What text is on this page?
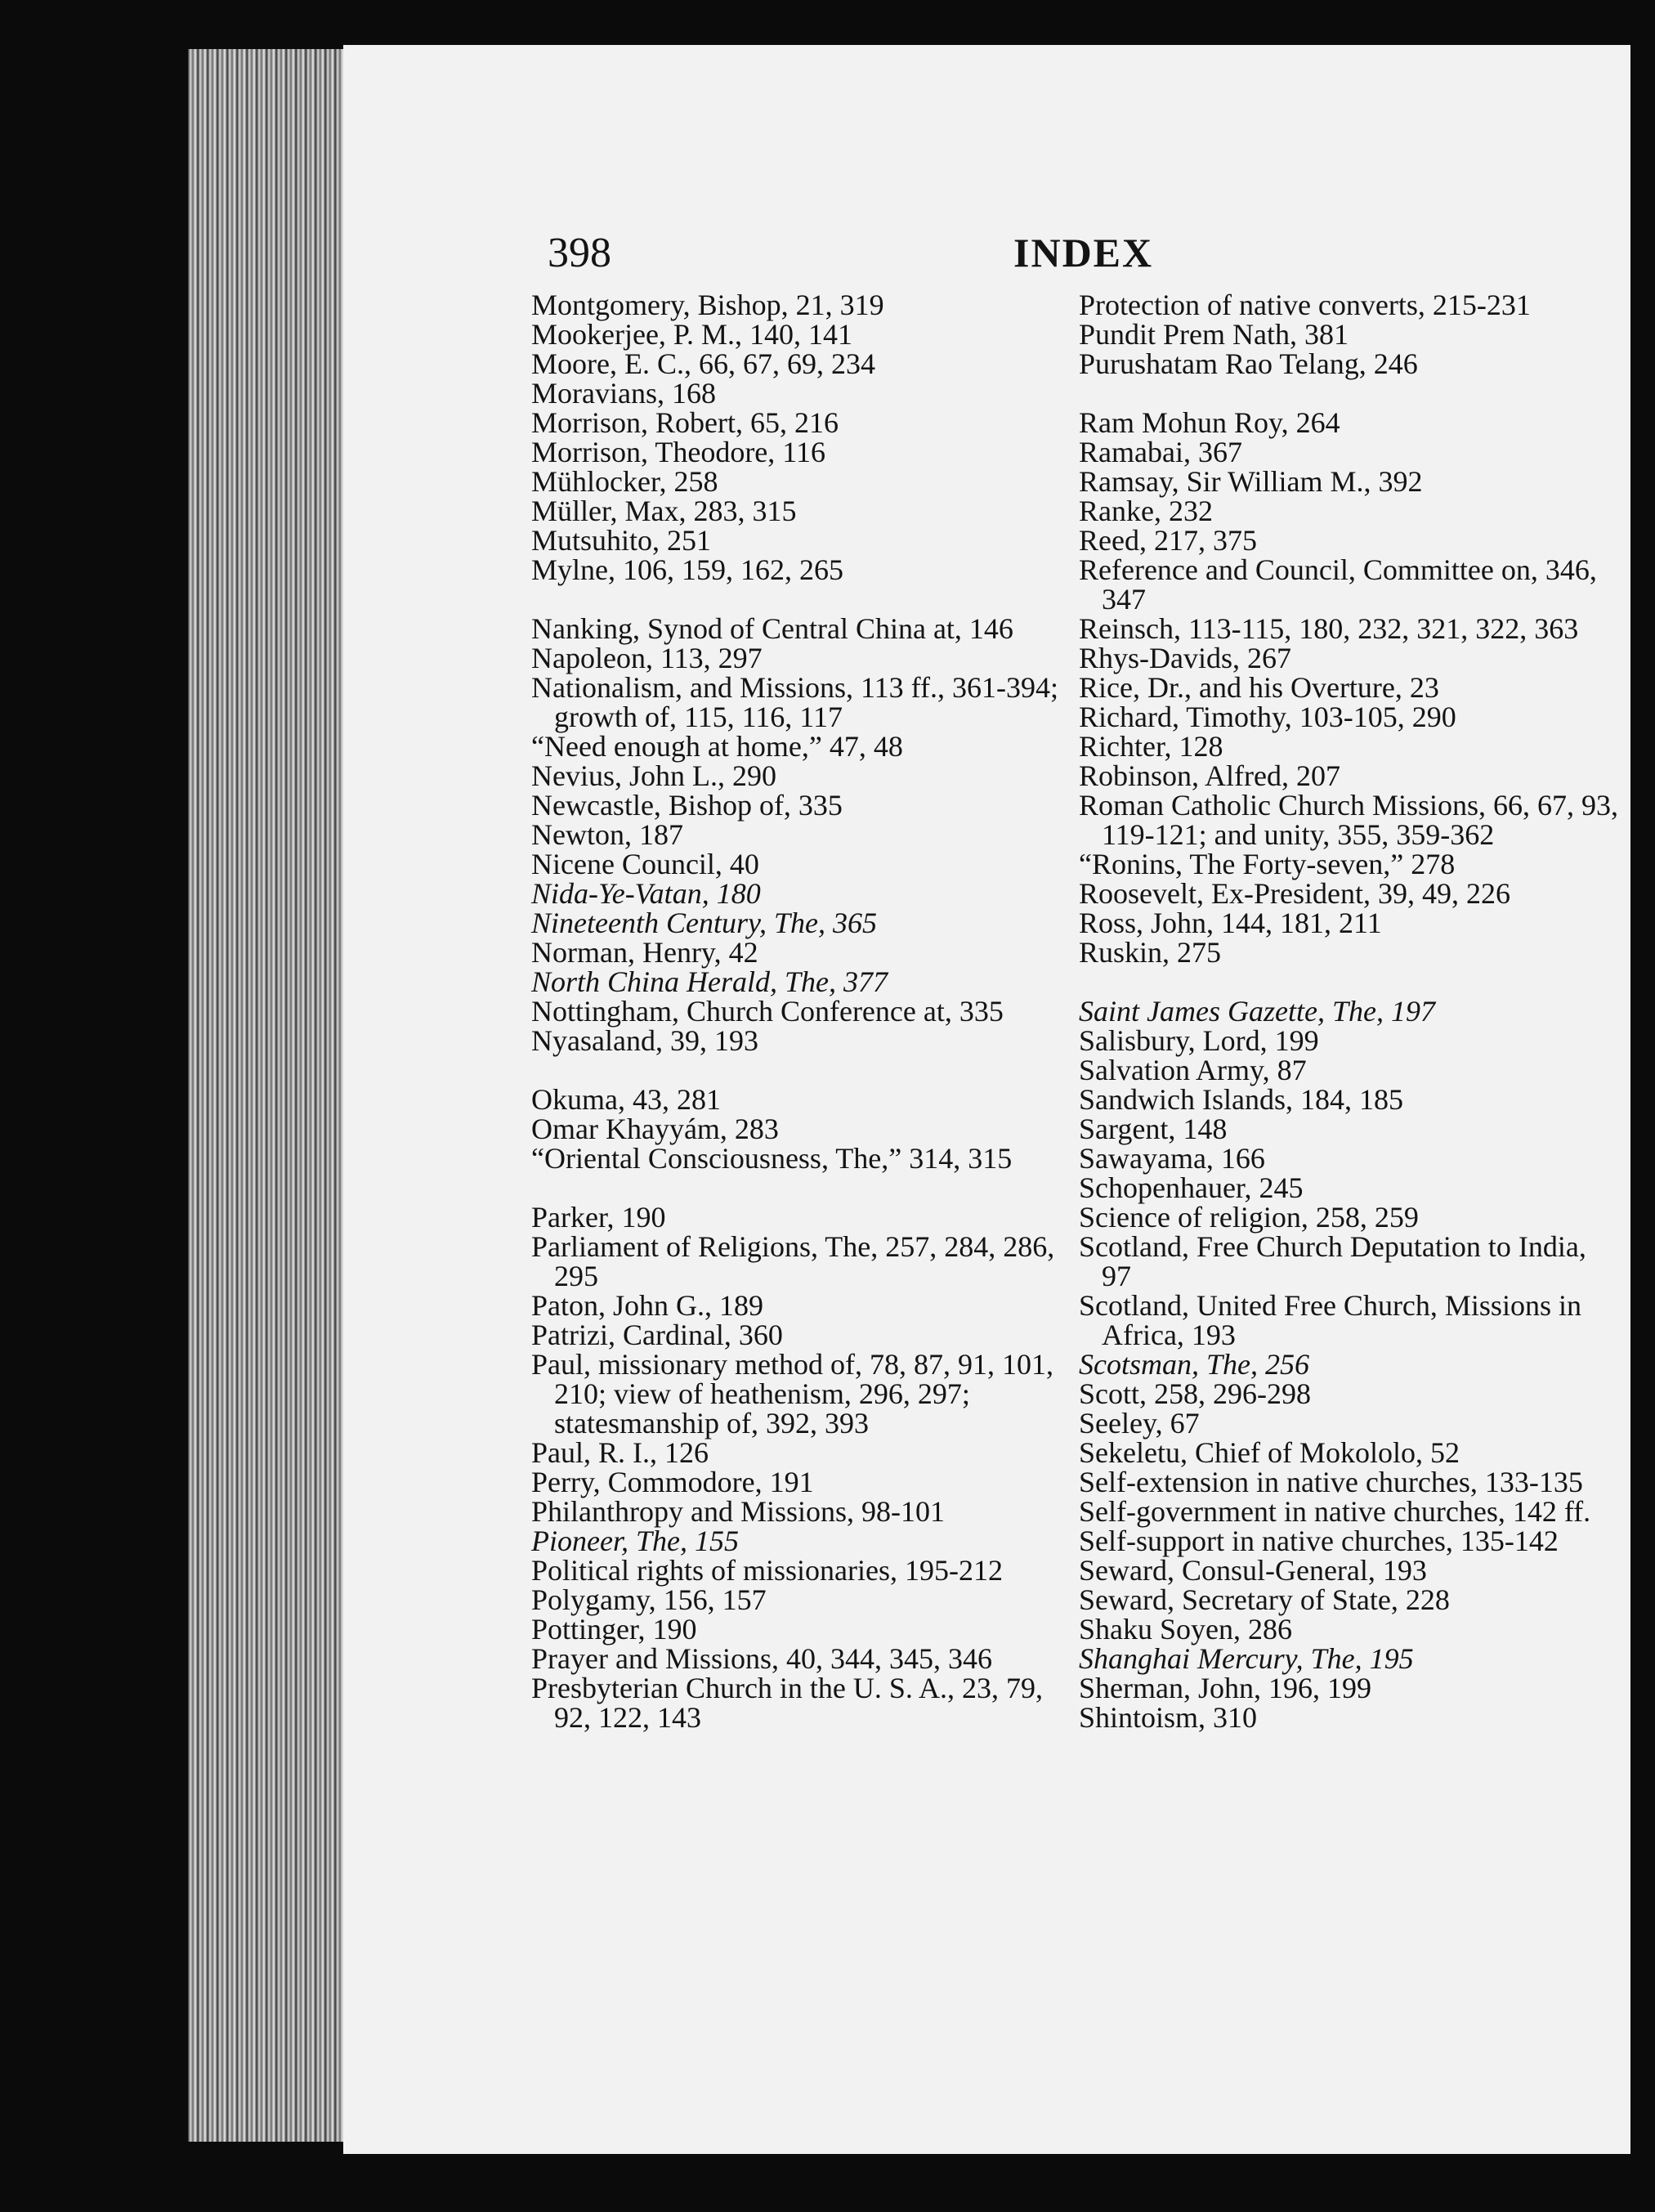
398	INDEX

Montgomery, Bishop, 21, 319

Mookerjee, P. M., 140, 141

Moore, E. C., 66, 67, 69, 234

Moravians, 168

Morrison, Robert, 65, 216

Morrison, Theodore, 116

Mühlocker, 258

Müller, Max, 283, 315

Mutsuhito, 251

Mylne, 106, 159, 162, 265

Nanking, Synod of Central China at, 146

Napoleon, 113, 297

Nationalism, and Missions, 113 ff., 361-394; growth of, 115, 116, 117

“Need enough at home,” 47, 48

Nevius, John L., 290

Newcastle, Bishop of, 335

Newton, 187

Nicene Council, 40

Nida-Ye-Vatan, 180

Nineteenth Century, The, 365

Norman, Henry, 42

North China Herald, The, 377

Nottingham, Church Conference at, 335

Nyasaland, 39, 193

Okuma, 43, 281

Omar Khayyám, 283

“Oriental Consciousness, The,” 314, 315

Parker, 190

Parliament of Religions, The, 257, 284, 286, 295

Paton, John G., 189

Patrizi, Cardinal, 360

Paul, missionary method of, 78, 87, 91, 101, 210; view of heathenism, 296, 297; statesmanship of, 392, 393

Paul, R. I., 126

Perry, Commodore, 191

Philanthropy and Missions, 98-101

Pioneer, The, 155

Political rights of missionaries, 195-212

Polygamy, 156, 157

Pottinger, 190

Prayer and Missions, 40, 344, 345, 346

Presbyterian Church in the U. S. A., 23, 79, 92, 122, 143

Protection of native converts, 215-231

Pundit Prem Nath, 381

Purushatam Rao Telang, 246

Ram Mohun Roy, 264

Ramabai, 367

Ramsay, Sir William M., 392

Ranke, 232

Reed, 217, 375

Reference and Council, Committee on, 346, 347

Reinsch, 113-115, 180, 232, 321, 322, 363

Rhys-Davids, 267

Rice, Dr., and his Overture, 23

Richard, Timothy, 103-105, 290

Richter, 128

Robinson, Alfred, 207

Roman Catholic Church Missions, 66, 67, 93, 119-121; and unity, 355, 359-362

“Ronins, The Forty-seven,” 278

Roosevelt, Ex-President, 39, 49, 226

Ross, John, 144, 181, 211

Ruskin, 275

Saint James Gazette, The, 197

Salisbury, Lord, 199

Salvation Army, 87

Sandwich Islands, 184, 185

Sargent, 148

Sawayama, 166

Schopenhauer, 245

Science of religion, 258, 259

Scotland, Free Church Deputation to India, 97

Scotland, United Free Church, Missions in Africa, 193

Scotsman, The, 256

Scott, 258, 296-298

Seeley, 67

Sekeletu, Chief of Mokololo, 52

Self-extension in native churches, 133-135

Self-government in native churches, 142 ff.

Self-support in native churches, 135-142

Seward, Consul-General, 193

Seward, Secretary of State, 228

Shaku Soyen, 286

Shanghai Mercury, The, 195

Sherman, John, 196, 199

Shintoism, 310
